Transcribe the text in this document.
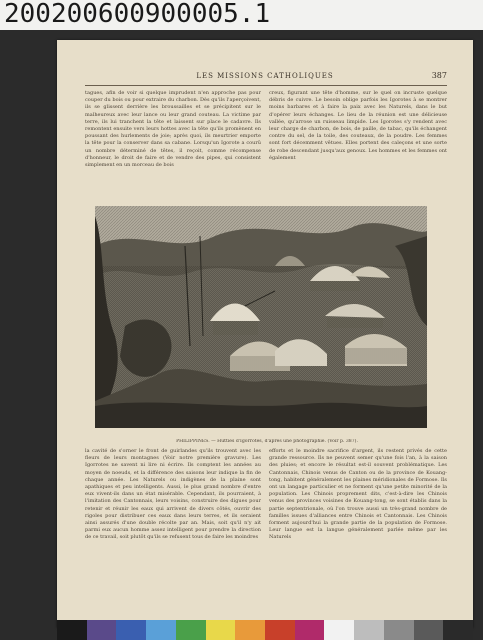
200200600900005.1
LES MISSIONS CATHOLIQUES	387

tagues, afin de voir si quelque imprudent n'en approche pas pour couper du bois ou pour extraire du charbon. Dès qu'ils l'aperçoivent, ils se glissent derrière les broussailles et se précipitent sur le malheureux avec leur lance ou leur grand couteau. La victime par terre, ils lui tranchent la tête et laissent sur place le cadavre. Ils remontent ensuite vers leurs hottes avec la tête qu'ils promènent en poussant des hurlements de joie; après quoi, ils meurtrier emporte la tête pour la conserver dans sa cabane. Lorsqu'un Igorote a courû un nombre déterminé de têtes, il reçoit, comme récompense d'honneur, le droit de faire et de vendre des pipes, qui consistent simplement en un morceau de bois

creux, figurant une tête d'homme, sur le quel on incruste quelque débris de cuivre. Le besoin oblige parfois les Igorotes à se montrer moins barbares et à faire la paix avec les Naturels, dans le but d'opérer leurs échanges. Le lieu de la réunion est une délicieuse vallée, qu'arrose un ruisseau limpide. Les Igorotes s'y rendent avec leur charge de charbon, de bois, de paille, de tabac, qu'ils échangent contre du sel, de la toile, des couteaux, de la poudre. Les femmes sont fort décemment vêtues. Elles portent des caleçons et une sorte de robe descendant jusqu'aux genoux. Les hommes et les femmes ont également

PHILIPPINES. — Hutties d'Igorrotes, d'après une photographie. (Voir p. 387).

la cavité de s'orner le front de guirlandes qu'ils trouvent avec les fleurs de leurs montagnes (Voir notre première gravure). Les Igorrotes ne savent ni lire ni écrire. Ils comptent les années au moyen de noeuds, et la différence des saisons leur indique la fin de chaque année. Les Naturels ou indigènes de la plaine sont apathiques et peu intelligents. Aussi, le plus grand nombre d'entre eux vivent-ils dans un état misérable. Cependant, ils pourraient, à l'imitation des Cantonnais, leurs voisins, construire des digues pour retenir et réunir les eaux qui arrivent de divers côtés, ouvrir des rigoles pour distribuer ces eaux dans leurs terres, et ils seraient ainsi assurés d'une double récolte par an. Mais, soit qu'il n'y ait parmi eux aucun homme assez intelligent pour prendre la direction de ce travail, soit plutôt qu'ils se refusent tous de faire les moindres

efforts et le moindre sacrifice d'argent, ils restent privés de cette grande ressource. Ils ne peuvent semer qu'une fois l'an, à la saison des pluies; et encore le résultat est-il souvent problématique. Les Cantonnais, Chinois venus de Canton ou de la province de Kouang-tong, habitent généralement les plaines méridionales de Formose. Ils ont un langage particulier et ne forment qu'une petite minorité de la population. Les Chinois proprement dits, c'est-à-dire les Chinois venus des provinces voisines de Kouang-tong, se sont établis dans la partie septentrionale, où l'on trouve aussi un très-grand nombre de familles issues d'alliances entre Chinois et Cantonnais. Les Chinois forment aujourd'hui la grande partie de la population de Formose. Leur langue est la langue généralement parlée même par les Naturels
